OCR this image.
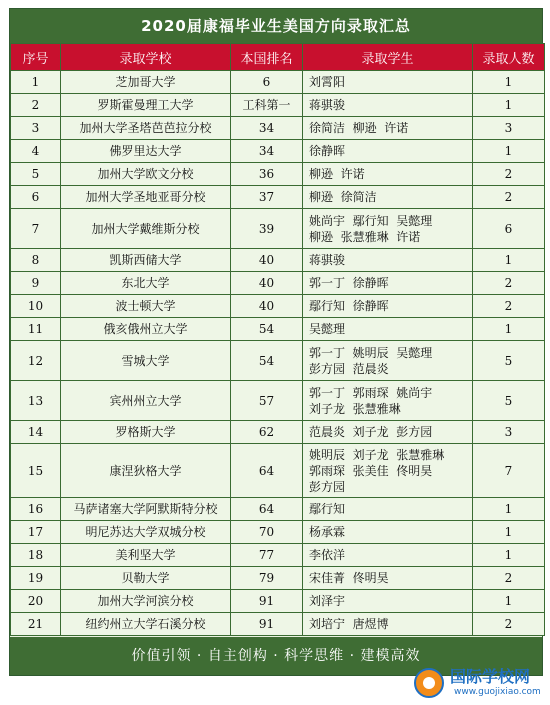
2020届康福毕业生美国方向录取汇总
序号	录取学校	本国排名	录取学生	录取人数
1	芝加哥大学	6	刘霄阳	1
2	罗斯霍曼理工大学	工科第一	蒋骐骏	1
3	加州大学圣塔芭芭拉分校	34	徐简洁  柳逊  许诺	3
4	佛罗里达大学	34	徐静晖	1
5	加州大学欧文分校	36	柳逊  许诺	2
6	加州大学圣地亚哥分校	37	柳逊  徐简洁	2
7	加州大学戴维斯分校	39	姚尚宇  鄢行知  吴懿理
柳逊  张慧雅琳  许诺	6
8	凯斯西储大学	40	蒋骐骏	1
9	东北大学	40	郭一丁  徐静晖	2
10	波士顿大学	40	鄢行知  徐静晖	2
11	俄亥俄州立大学	54	吴懿理	1
12	雪城大学	54	郭一丁  姚明辰  吴懿理
彭方园  范晨炎	5
13	宾州州立大学	57	郭一丁  郭雨琛  姚尚宇
刘子龙  张慧雅琳	5
14	罗格斯大学	62	范晨炎  刘子龙  彭方园	3
15	康涅狄格大学	64	姚明辰  刘子龙  张慧雅琳
郭雨琛  张美佳  佟明昊
彭方园	7
16	马萨诸塞大学阿默斯特分校	64	鄢行知	1
17	明尼苏达大学双城分校	70	杨承霖	1
18	美利坚大学	77	李依洋	1
19	贝勒大学	79	宋佳菁  佟明昊	2
20	加州大学河滨分校	91	刘泽宇	1
21	纽约州立大学石溪分校	91	刘培宁  唐煜博	2
价值引领 · 自主创构 · 科学思维 · 建模高效
国际学校网
www.guojixiao.com
